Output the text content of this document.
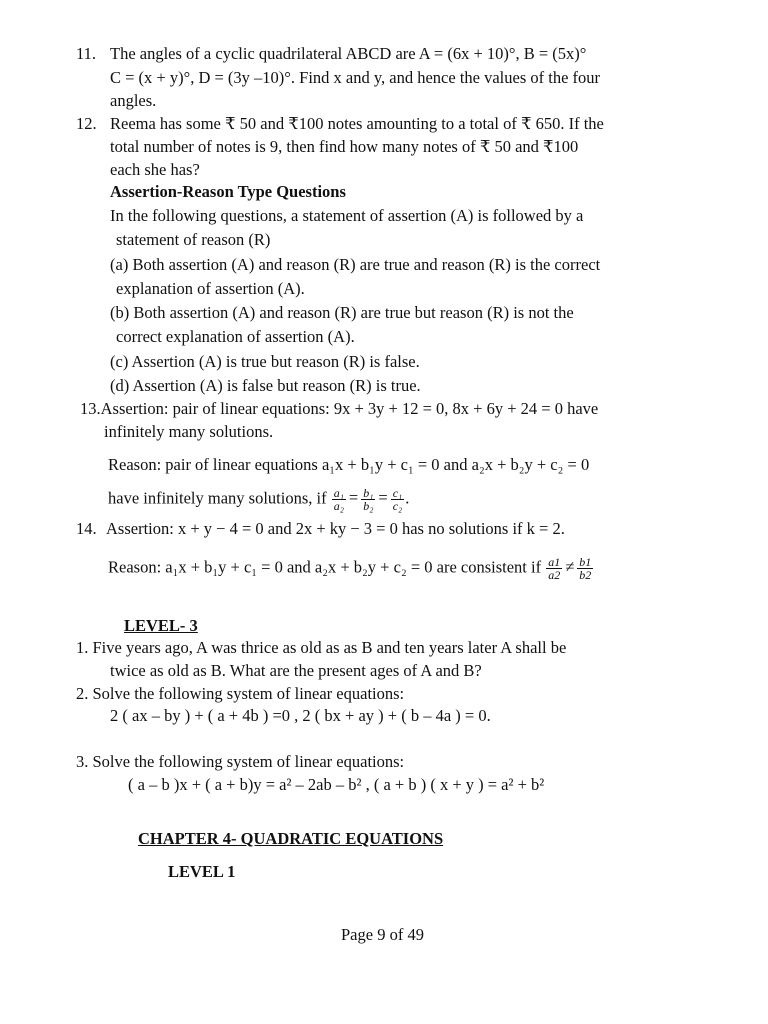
11. The angles of a cyclic quadrilateral ABCD are A = (6x + 10)°, B = (5x)°
C = (x + y)°, D = (3y –10)°. Find x and y, and hence the values of the four
angles.
12. Reema has some ₹ 50 and ₹100 notes amounting to a total of ₹ 650. If the
total number of notes is 9, then find how many notes of ₹ 50 and ₹100
each she has?
Assertion-Reason Type Questions
In the following questions, a statement of assertion (A) is followed by a
statement of reason (R)
(a) Both assertion (A) and reason (R) are true and reason (R) is the correct
explanation of assertion (A).
(b) Both assertion (A) and reason (R) are true but reason (R) is not the
correct explanation of assertion (A).
(c) Assertion (A) is true but reason (R) is false.
(d) Assertion (A) is false but reason (R) is true.
13.Assertion: pair of linear equations: 9x + 3y + 12 = 0, 8x + 6y + 24 = 0 have
infinitely many solutions.
Reason: pair of linear equations a₁x + b₁y + c₁ = 0 and a₂x + b₂y + c₂ = 0
have infinitely many solutions, if $\frac{\text{a₁}}{\text{a₂}} = \frac{\text{b₁}}{\text{b₂}} = \frac{\text{c₁}}{\text{c₂}}$ .
14. Assertion: x + y − 4 = 0 and 2x + ky − 3 = 0 has no solutions if k = 2.
Reason: a₁x + b₁y + c₁ = 0 and a₂x + b₂y + c₂ = 0 are consistent if $\frac{a1}{a2} \ne \frac{b1}{b2}$
LEVEL- 3
1. Five years ago, A was thrice as old as as B and ten years later A shall be
twice as old as B. What are the present ages of A and B?
2. Solve the following system of linear equations:
2 ( ax – by ) + ( a + 4b ) =0 , 2 ( bx + ay ) + ( b – 4a ) = 0.
3. Solve the following system of linear equations:
( a – b )x + ( a + b)y = a² – 2ab – b² , ( a + b ) ( x + y ) = a² + b²
CHAPTER 4- QUADRATIC EQUATIONS
LEVEL 1
Page 9 of 49
